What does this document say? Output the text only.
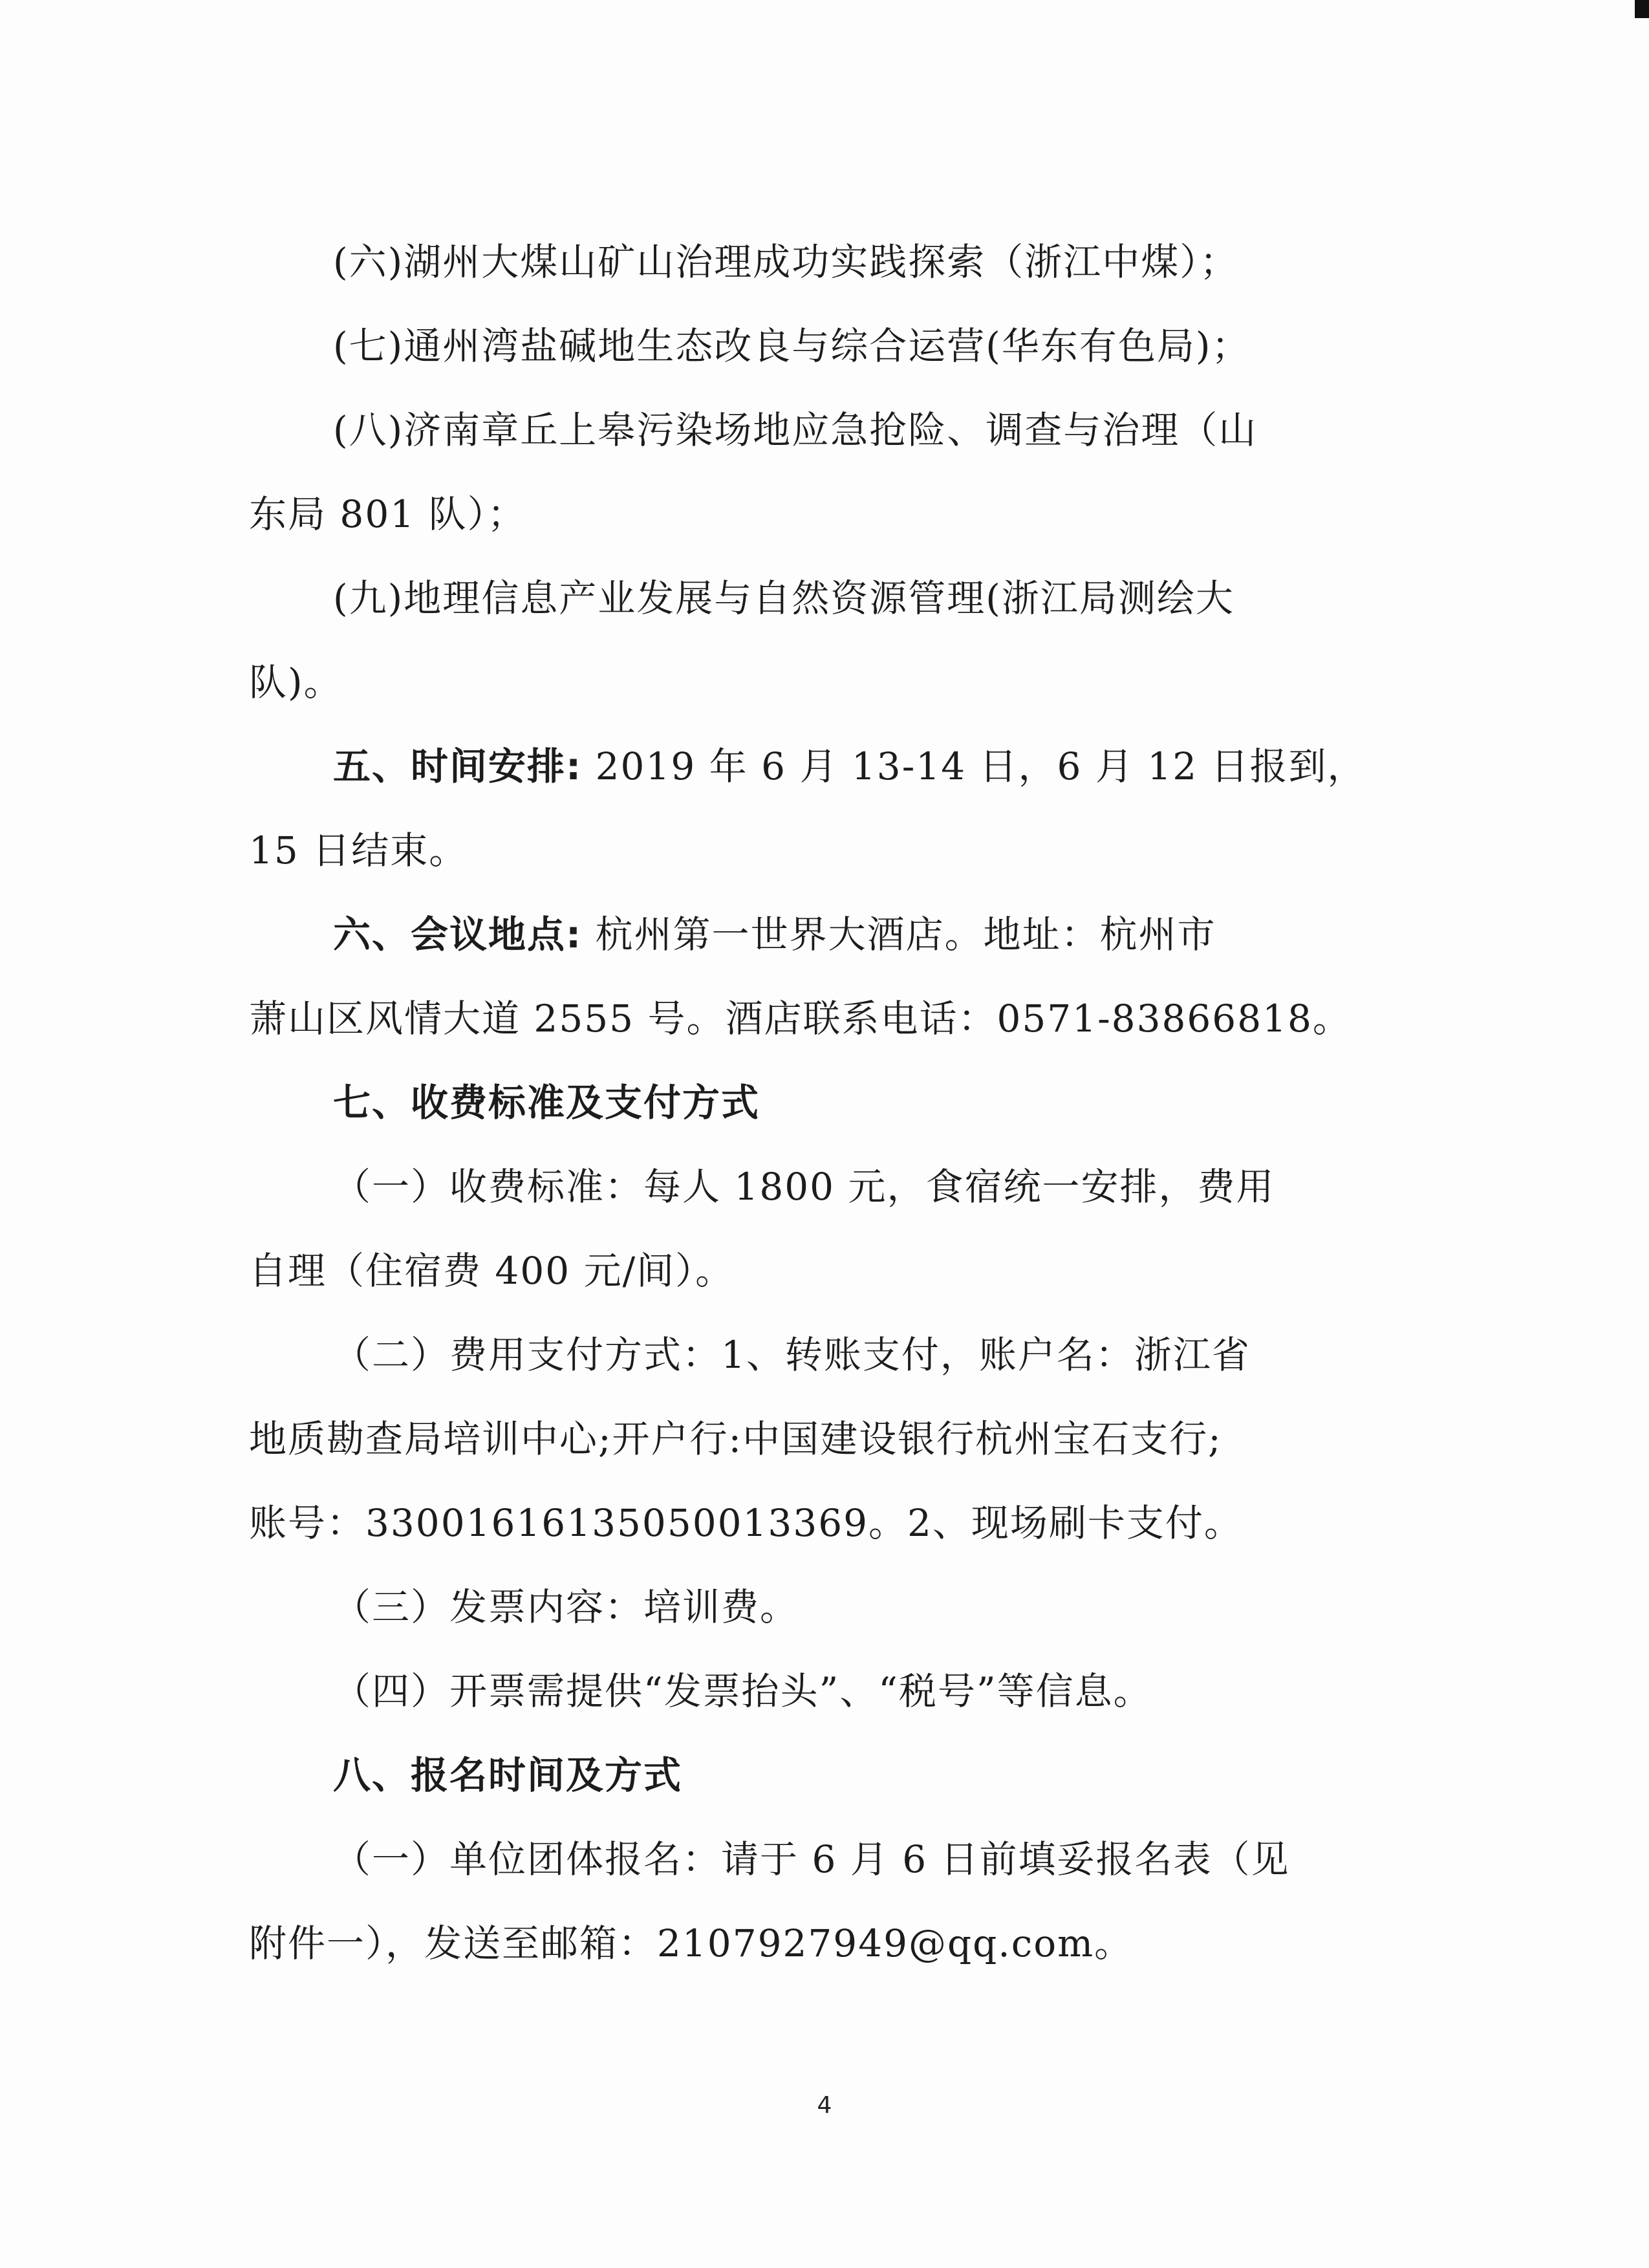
(六)湖州大煤山矿山治理成功实践探索（浙江中煤）；
(七)通州湾盐碱地生态改良与综合运营(华东有色局)；
(八)济南章丘上皋污染场地应急抢险、调查与治理（山
东局 801 队）；
(九)地理信息产业发展与自然资源管理(浙江局测绘大
队)。
五、时间安排: 2019 年 6 月 13-14 日，6 月 12 日报到，
15 日结束。
六、会议地点: 杭州第一世界大酒店。地址：杭州市
萧山区风情大道 2555 号。酒店联系电话：0571-83866818。
七、收费标准及支付方式
（一）收费标准：每人 1800 元，食宿统一安排，费用
自理（住宿费 400 元/间）。
（二）费用支付方式：1、转账支付，账户名：浙江省
地质勘查局培训中心;开户行:中国建设银行杭州宝石支行;
账号：33001616135050013369。2、现场刷卡支付。
（三）发票内容：培训费。
（四）开票需提供“发票抬头”、“税号”等信息。
八、报名时间及方式
（一）单位团体报名：请于 6 月 6 日前填妥报名表（见
附件一），发送至邮箱：2107927949@qq.com。
4
